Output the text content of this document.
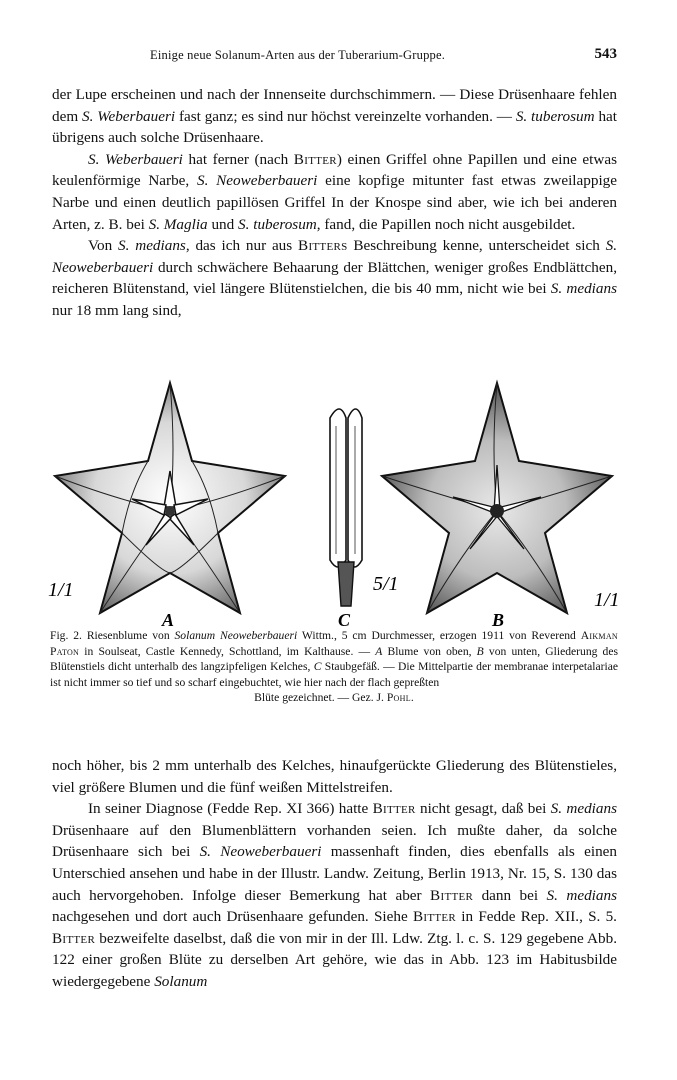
Einige neue Solanum-Arten aus der Tuberarium-Gruppe.	543

der Lupe erscheinen und nach der Innenseite durchschimmern. — Diese Drüsenhaare fehlen dem S. Weberbaueri fast ganz; es sind nur höchst vereinzelte vorhanden. — S. tuberosum hat übrigens auch solche Drüsenhaare.

S. Weberbaueri hat ferner (nach Bitter) einen Griffel ohne Papillen und eine etwas keulenförmige Narbe, S. Neoweberbaueri eine kopfige mitunter fast etwas zweilappige Narbe und einen deutlich papillösen Griffel In der Knospe sind aber, wie ich bei anderen Arten, z. B. bei S. Maglia und S. tuberosum, fand, die Papillen noch nicht ausgebildet.

Von S. medians, das ich nur aus Bitters Beschreibung kenne, unterscheidet sich S. Neoweberbaueri durch schwächere Behaarung der Blättchen, weniger großes Endblättchen, reicheren Blütenstand, viel längere Blütenstielchen, die bis 40 mm, nicht wie bei S. medians nur 18 mm lang sind,

1/1
A
5/1
C
1/1
B

Fig. 2. Riesenblume von Solanum Neoweberbaueri Wittm., 5 cm Durchmesser, erzogen 1911 von Reverend Aikman Paton in Soulseat, Castle Kennedy, Schottland, im Kalthause. — A Blume von oben, B von unten, Gliederung des Blütenstiels dicht unterhalb des langzipfeligen Kelches, C Staubgefäß. — Die Mittelpartie der membranae interpetalariae ist nicht immer so tief und so scharf eingebuchtet, wie hier nach der flach gepreßten

Blüte gezeichnet. — Gez. J. Pohl.

noch höher, bis 2 mm unterhalb des Kelches, hinaufgerückte Gliederung des Blütenstieles, viel größere Blumen und die fünf weißen Mittelstreifen.

In seiner Diagnose (Fedde Rep. XI 366) hatte Bitter nicht gesagt, daß bei S. medians Drüsenhaare auf den Blumenblättern vorhanden seien. Ich mußte daher, da solche Drüsenhaare sich bei S. Neoweberbaueri massenhaft finden, dies ebenfalls als einen Unterschied ansehen und habe in der Illustr. Landw. Zeitung, Berlin 1913, Nr. 15, S. 130 das auch hervorgehoben. Infolge dieser Bemerkung hat aber Bitter dann bei S. medians nachgesehen und dort auch Drüsenhaare gefunden. Siehe Bitter in Fedde Rep. XII., S. 5. Bitter bezweifelte daselbst, daß die von mir in der Ill. Ldw. Ztg. l. c. S. 129 gegebene Abb. 122 einer großen Blüte zu derselben Art gehöre, wie das in Abb. 123 im Habitusbilde wiedergegebene Solanum
